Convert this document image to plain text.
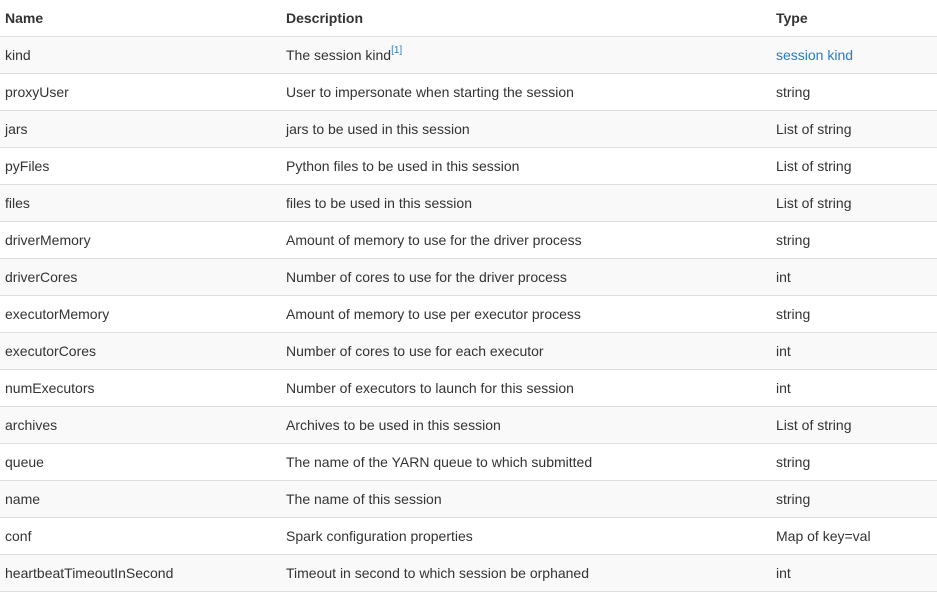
Name	Description	Type
kind	The session kind[1]	session kind
proxyUser	User to impersonate when starting the session	string
jars	jars to be used in this session	List of string
pyFiles	Python files to be used in this session	List of string
files	files to be used in this session	List of string
driverMemory	Amount of memory to use for the driver process	string
driverCores	Number of cores to use for the driver process	int
executorMemory	Amount of memory to use per executor process	string
executorCores	Number of cores to use for each executor	int
numExecutors	Number of executors to launch for this session	int
archives	Archives to be used in this session	List of string
queue	The name of the YARN queue to which submitted	string
name	The name of this session	string
conf	Spark configuration properties	Map of key=val
heartbeatTimeoutInSecond	Timeout in second to which session be orphaned	int
